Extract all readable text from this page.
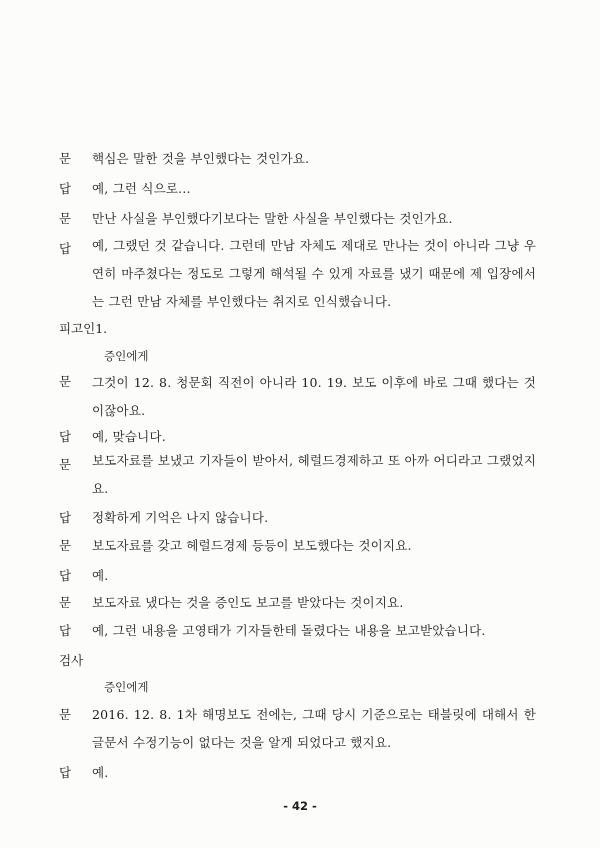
문	핵심은 말한 것을 부인했다는 것인가요.
답	예, 그런 식으로...
문	만난 사실을 부인했다기보다는 말한 사실을 부인했다는 것인가요.
답	예, 그랬던 것 같습니다. 그런데 만남 자체도 제대로 만나는 것이 아니라 그냥 우연히 마주쳤다는 정도로 그렇게 해석될 수 있게 자료를 냈기 때문에 제 입장에서는 그런 만남 자체를 부인했다는 취지로 인식했습니다.
피고인1.
증인에게
문	그것이 12. 8. 청문회 직전이 아니라 10. 19. 보도 이후에 바로 그때 했다는 것이잖아요.
답	예, 맞습니다.
문	보도자료를 보냈고 기자들이 받아서, 헤럴드경제하고 또 아까 어디라고 그랬었지요.
답	정확하게 기억은 나지 않습니다.
문	보도자료를 갖고 헤럴드경제 등등이 보도했다는 것이지요.
답	예.
문	보도자료 냈다는 것을 증인도 보고를 받았다는 것이지요.
답	예, 그런 내용을 고영태가 기자들한테 돌렸다는 내용을 보고받았습니다.
검사
증인에게
문	2016. 12. 8. 1차 해명보도 전에는, 그때 당시 기준으로는 태블릿에 대해서 한글문서 수정기능이 없다는 것을 알게 되었다고 했지요.
답	예.
- 42 -
